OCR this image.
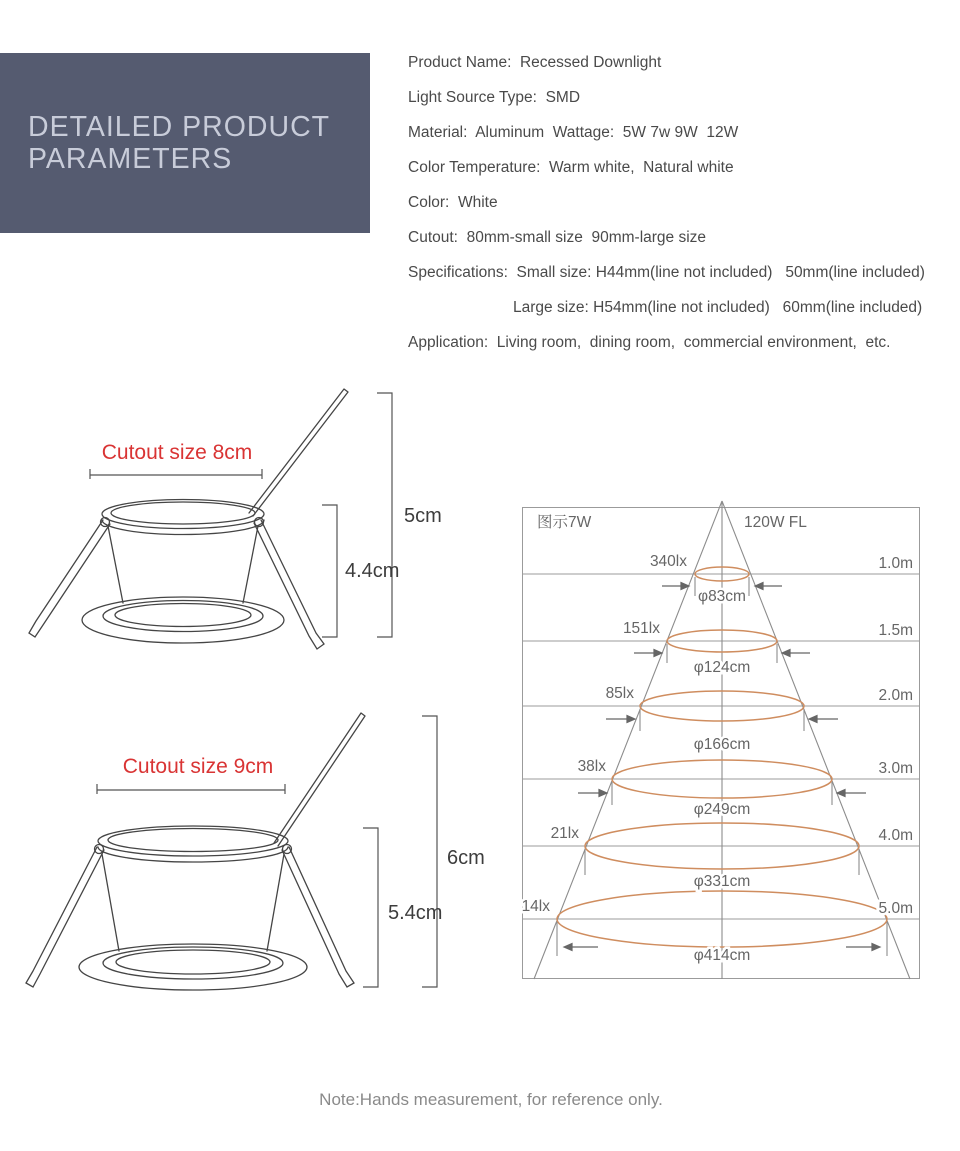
DETAILED PRODUCT PARAMETERS
Product Name:  Recessed Downlight
Light Source Type:  SMD
Material:  Aluminum  Wattage:  5W 7w 9W  12W
Color Temperature:  Warm white,  Natural white
Color:  White
Cutout:  80mm-small size  90mm-large size
Specifications:  Small size: H44mm(line not included)   50mm(line included)
Large size: H54mm(line not included)   60mm(line included)
Application:  Living room,  dining room,  commercial environment,  etc.
Cutout size 8cm
4.4cm
5cm
Cutout size 9cm
5.4cm
6cm
图示7W	120W FL
340lx
151lx
85lx
38lx
21lx
14lx
1.0m
1.5m
2.0m
3.0m
4.0m
5.0m
φ83cm
φ124cm
φ166cm
φ249cm
φ331cm
φ414cm
Note:Hands measurement, for reference only.
